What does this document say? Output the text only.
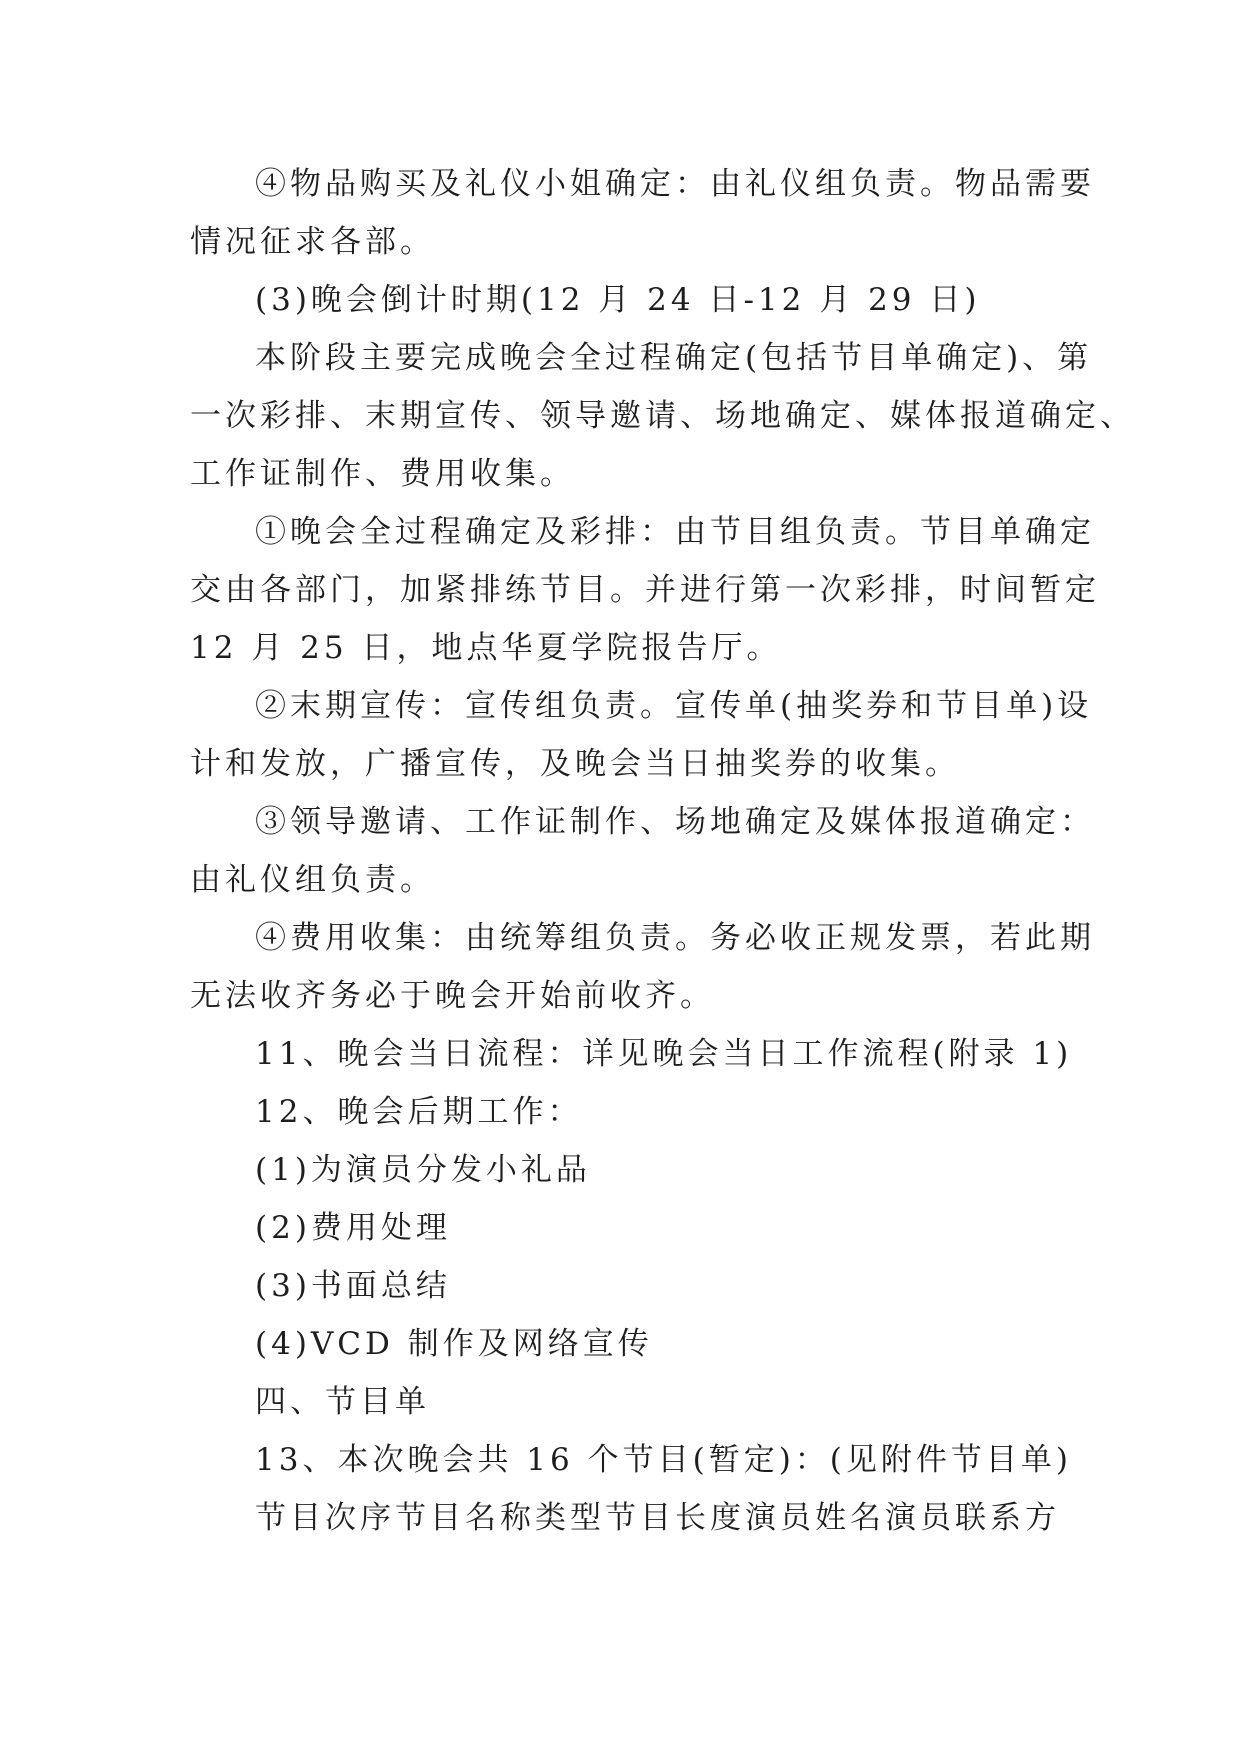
④物品购买及礼仪小姐确定：由礼仪组负责。物品需要
情况征求各部。
(3)晚会倒计时期(12 月 24 日-12 月 29 日)
本阶段主要完成晚会全过程确定(包括节目单确定)、第
一次彩排、末期宣传、领导邀请、场地确定、媒体报道确定、
工作证制作、费用收集。
①晚会全过程确定及彩排：由节目组负责。节目单确定
交由各部门，加紧排练节目。并进行第一次彩排，时间暂定
12 月 25 日，地点华夏学院报告厅。
②末期宣传：宣传组负责。宣传单(抽奖券和节目单)设
计和发放，广播宣传，及晚会当日抽奖券的收集。
③领导邀请、工作证制作、场地确定及媒体报道确定：
由礼仪组负责。
④费用收集：由统筹组负责。务必收正规发票，若此期
无法收齐务必于晚会开始前收齐。
11、晚会当日流程：详见晚会当日工作流程(附录 1)
12、晚会后期工作：
(1)为演员分发小礼品
(2)费用处理
(3)书面总结
(4)VCD 制作及网络宣传
四、节目单
13、本次晚会共 16 个节目(暂定)：(见附件节目单)
节目次序节目名称类型节目长度演员姓名演员联系方
